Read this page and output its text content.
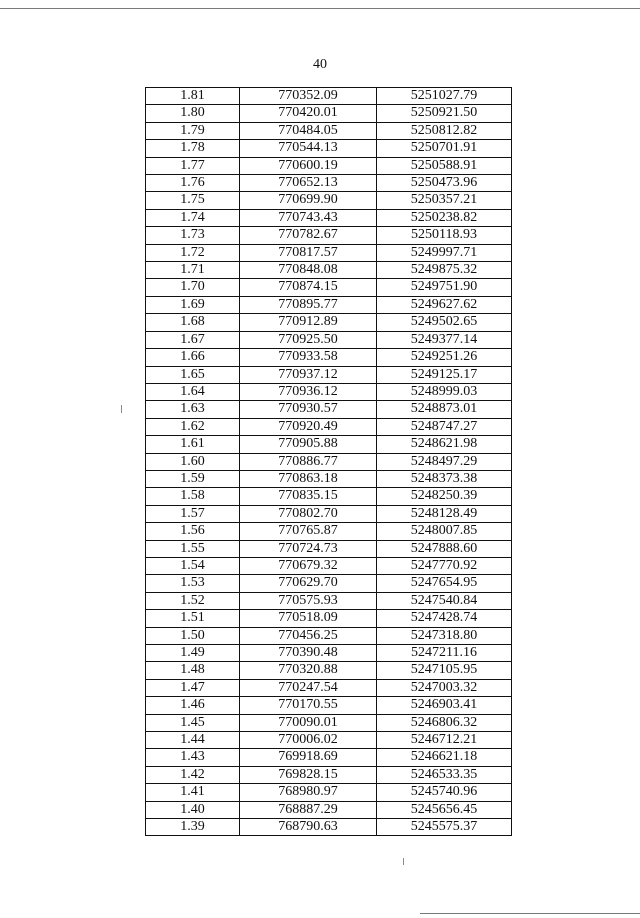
40
1.81	770352.09	5251027.79
1.80	770420.01	5250921.50
1.79	770484.05	5250812.82
1.78	770544.13	5250701.91
1.77	770600.19	5250588.91
1.76	770652.13	5250473.96
1.75	770699.90	5250357.21
1.74	770743.43	5250238.82
1.73	770782.67	5250118.93
1.72	770817.57	5249997.71
1.71	770848.08	5249875.32
1.70	770874.15	5249751.90
1.69	770895.77	5249627.62
1.68	770912.89	5249502.65
1.67	770925.50	5249377.14
1.66	770933.58	5249251.26
1.65	770937.12	5249125.17
1.64	770936.12	5248999.03
1.63	770930.57	5248873.01
1.62	770920.49	5248747.27
1.61	770905.88	5248621.98
1.60	770886.77	5248497.29
1.59	770863.18	5248373.38
1.58	770835.15	5248250.39
1.57	770802.70	5248128.49
1.56	770765.87	5248007.85
1.55	770724.73	5247888.60
1.54	770679.32	5247770.92
1.53	770629.70	5247654.95
1.52	770575.93	5247540.84
1.51	770518.09	5247428.74
1.50	770456.25	5247318.80
1.49	770390.48	5247211.16
1.48	770320.88	5247105.95
1.47	770247.54	5247003.32
1.46	770170.55	5246903.41
1.45	770090.01	5246806.32
1.44	770006.02	5246712.21
1.43	769918.69	5246621.18
1.42	769828.15	5246533.35
1.41	768980.97	5245740.96
1.40	768887.29	5245656.45
1.39	768790.63	5245575.37
